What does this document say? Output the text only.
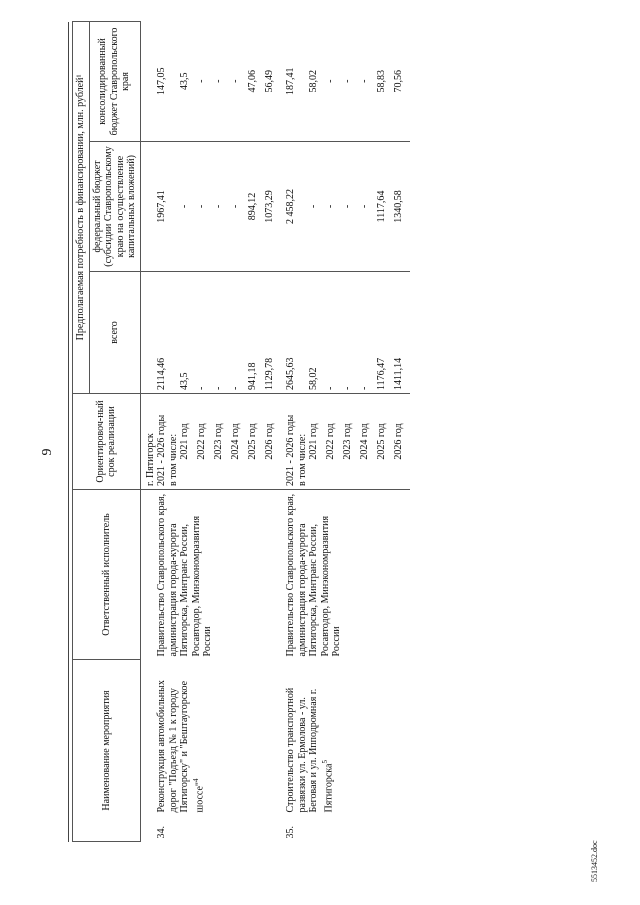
9
Наименование мероприятия		Ответственный исполнитель	Ориентировоч-ный срок реализации	Предполагаемая потребность в финансировании, млн. рублей¹		
				всего	федеральный бюджет (субсидии Ставропольскому краю на осуществление капитальных вложений)	консолидированный бюджет Ставропольского края
			г. Пятигорск			
34.	Реконструкция автомобильных дорог "Подъезд № 1 к городу Пятигорску" и "Бештаугорское шоссе"$^4$	Правительство Ставропольского края, администрация города-курорта Пятигорска, Минтранс России, Росавтодор, Минэкономразвития России	2021 - 2026 годы	2114,46	1967,41	147,05
			в том числе:			
			2021 год	43,5	-	43,5
			2022 год	-	-	-
			2023 год	-	-	-
			2024 год	-	-	-
			2025 год	941,18	894,12	47,06
			2026 год	1129,78	1073,29	56,49
35.	Строительство транспортной развязки ул. Ермолова - ул. Беговая и ул. Ипподромная г. Пятигорска$^5$	Правительство Ставропольского края, администрация города-курорта Пятигорска, Минтранс России, Росавтодор, Минэкономразвития России	2021 - 2026 годы	2645,63	2 458,22	187,41
			в том числе:			
			2021 год	58,02	-	58,02
			2022 год	-	-	-
			2023 год	-	-	-
			2024 год	-	-	-
			2025 год	1176,47	1117,64	58,83
			2026 год	1411,14	1340,58	70,56
5513452.doc
